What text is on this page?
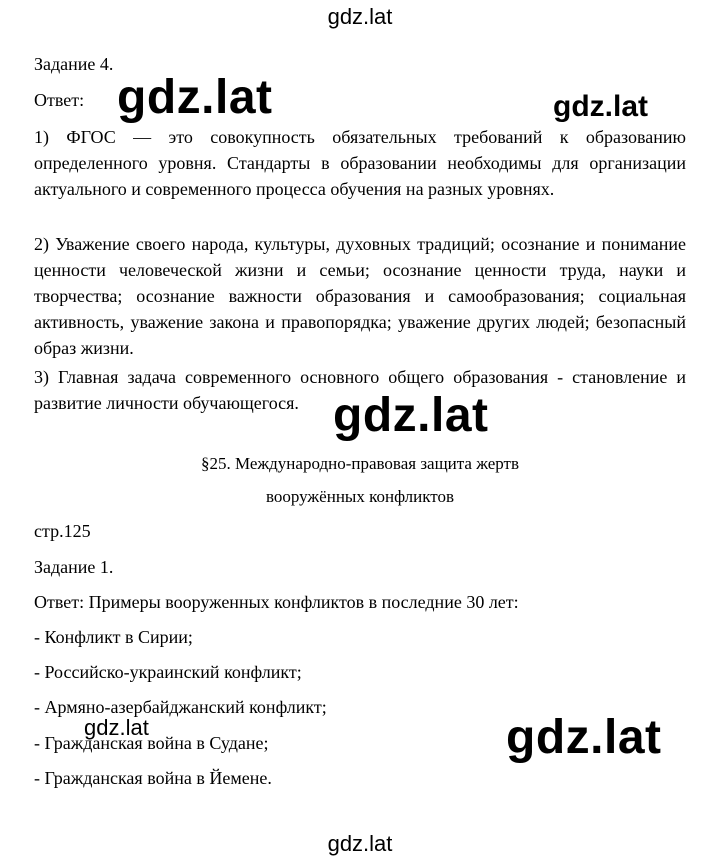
gdz.lat
Задание 4.
Ответ: gdz.lat	gdz.lat
1) ФГОС — это совокупность обязательных требований к образованию определенного уровня. Стандарты в образовании необходимы для организации актуального и современного процесса обучения на разных уровнях.
2) Уважение своего народа, культуры, духовных традиций; осознание и понимание ценности человеческой жизни и семьи; осознание ценности труда, науки и творчества; осознание важности образования и самообразования; социальная активность, уважение закона и правопорядка; уважение других людей; безопасный образ жизни.
3) Главная задача современного основного общего образования - становление и развитие личности обучающегося. gdz.lat
§25. Международно-правовая защита жертв
вооружённых конфликтов
стр.125
Задание 1.
Ответ: Примеры вооруженных конфликтов в последние 30 лет:
- Конфликт в Сирии;
- Российско-украинский конфликт;
- Армяно-азербайджанский конфликт;
- Гражданская война в Судане;
- Гражданская война в Йемене.
gdz.lat	gdz.lat
gdz.lat
